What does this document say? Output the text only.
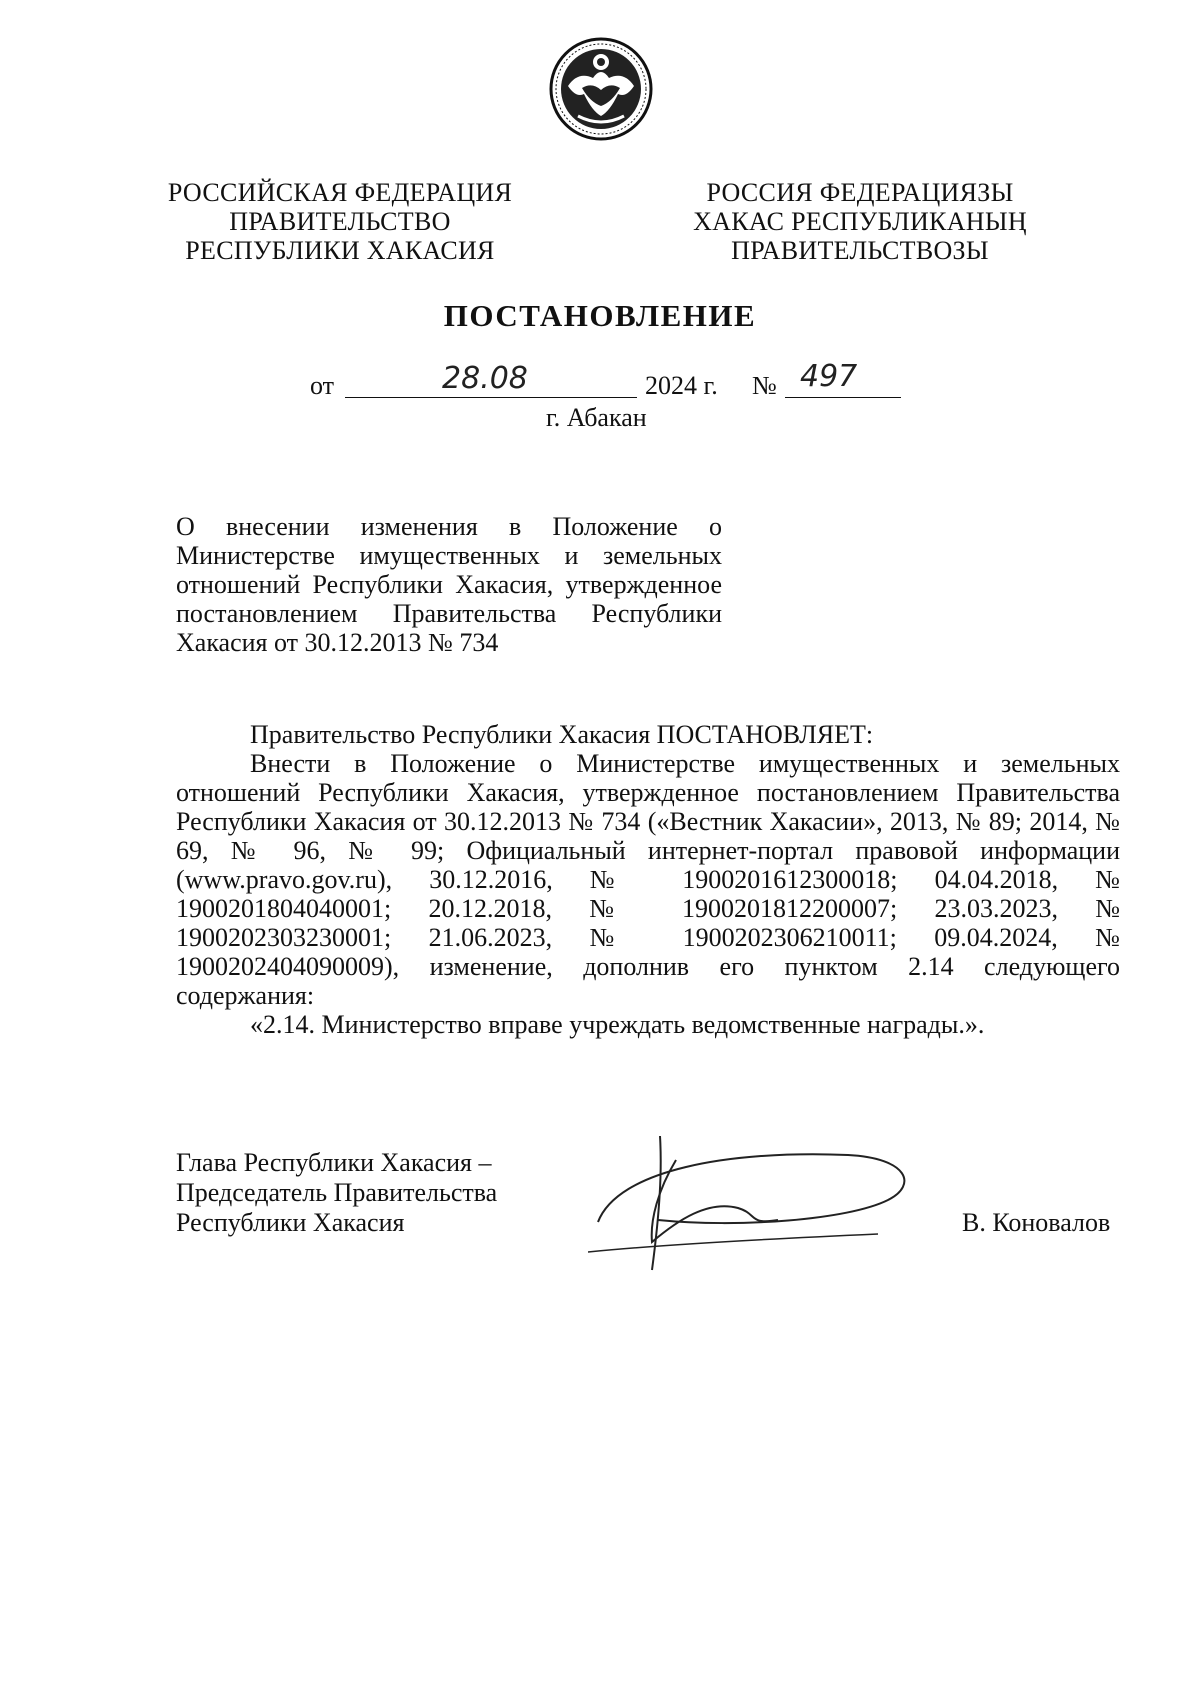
РОССИЙСКАЯ ФЕДЕРАЦИЯ
ПРАВИТЕЛЬСТВО
РЕСПУБЛИКИ ХАКАСИЯ
РОССИЯ ФЕДЕРАЦИЯЗЫ
ХАКАС РЕСПУБЛИКАНЫҢ
ПРАВИТЕЛЬСТВОЗЫ
ПОСТАНОВЛЕНИЕ
от	28.08	2024 г. № 497
г. Абакан
О внесении изменения в Положение о Министерстве имущественных и земельных отношений Республики Хакасия, утвержденное постановлением Правительства Республики Хакасия от 30.12.2013 № 734

Правительство Республики Хакасия ПОСТАНОВЛЯЕТ:

Внести в Положение о Министерстве имущественных и земельных отношений Республики Хакасия, утвержденное постановлением Правительства Республики Хакасия от 30.12.2013 № 734 («Вестник Хакасии», 2013, № 89; 2014, № 69, № 96, № 99; Официальный интернет-портал правовой информации (www.pravo.gov.ru), 30.12.2016, № 1900201612300018; 04.04.2018, № 1900201804040001; 20.12.2018, № 1900201812200007; 23.03.2023, № 1900202303230001; 21.06.2023, № 1900202306210011; 09.04.2024, № 1900202404090009), изменение, дополнив его пунктом 2.14 следующего содержания:

«2.14. Министерство вправе учреждать ведомственные награды.».

Глава Республики Хакасия –
Председатель Правительства
Республики Хакасия	В. Коновалов
